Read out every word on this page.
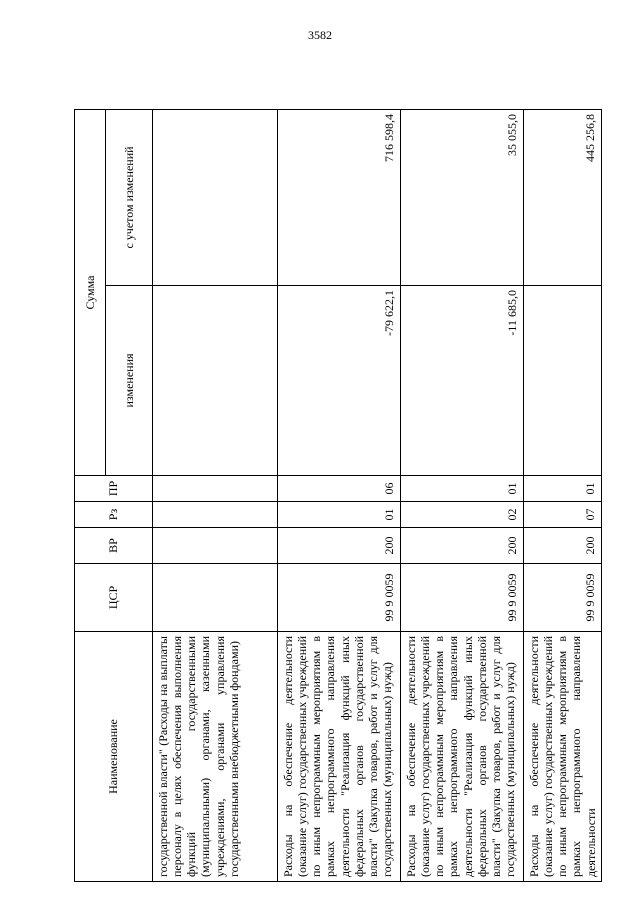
3582
Наименование	ЦСР	ВР	Рз	ПР	Сумма	
					изменения	с учетом изменений
государственной власти" (Расходы на выплаты персоналу в целях обеспечения выполнения функций государственными (муниципальными) органами, казенными учреждениями, органами управления государственными внебюджетными фондами)						
Расходы на обеспечение деятельности (оказание услуг) государственных учреждений по иным непрограммным мероприятиям в рамках непрограммного направления деятельности "Реализация функций иных федеральных органов государственной власти" (Закупка товаров, работ и услуг для государственных (муниципальных) нужд)	99 9 0059	200	01	06	-79 622,1	716 598,4
Расходы на обеспечение деятельности (оказание услуг) государственных учреждений по иным непрограммным мероприятиям в рамках непрограммного направления деятельности "Реализация функций иных федеральных органов государственной власти" (Закупка товаров, работ и услуг для государственных (муниципальных) нужд)	99 9 0059	200	02	01	-11 685,0	35 055,0
Расходы на обеспечение деятельности (оказание услуг) государственных учреждений по иным непрограммным мероприятиям в рамках непрограммного направления деятельности	99 9 0059	200	07	01		445 256,8
